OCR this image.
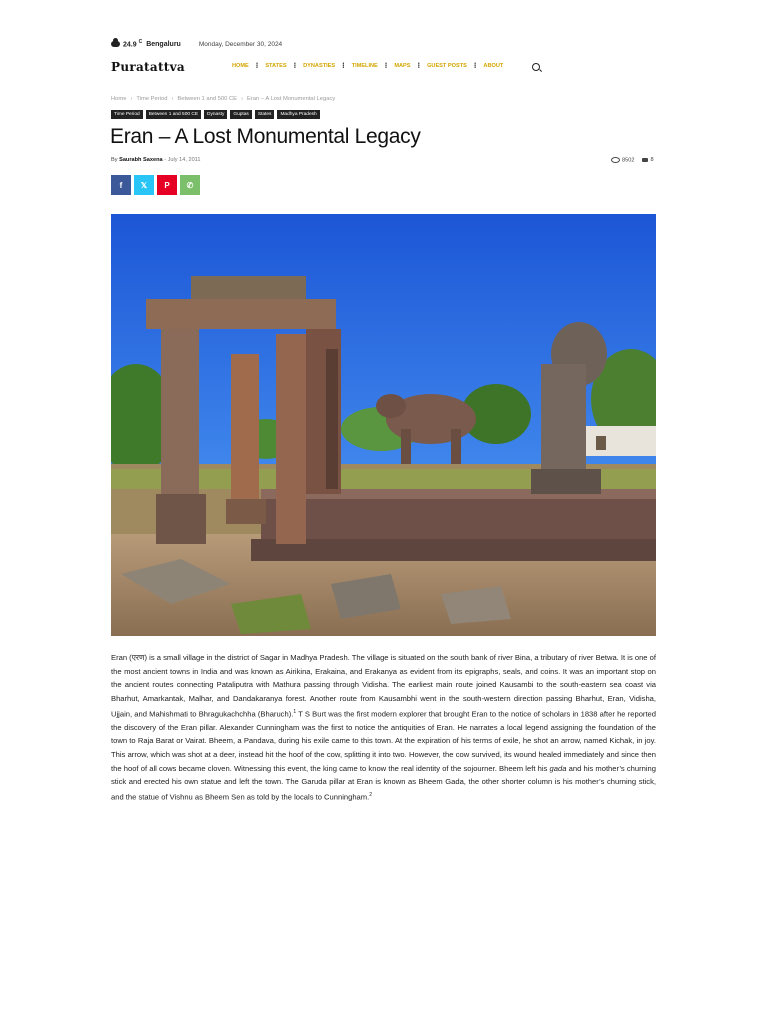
24.9 $^C$ Bengaluru	Monday, December 30, 2024
Puratattva	HOME ⁝ STATES ⁝ DYNASTIES ⁝ TIMELINE ⁝ MAPS ⁝ GUEST POSTS ⁝ ABOUT
Home › Time Period › Between 1 and 500 CE › Eran – A Lost Monumental Legacy
Time Period	Between 1 and 500 CE	Dynasty	Guptas	States	Madhya Pradesh
Eran – A Lost Monumental Legacy
By Saurabh Saxena - July 14, 2011	8502	8
f 𝕏 P ✆

Eran (एरण) is a small village in the district of Sagar in Madhya Pradesh. The village is situated on the south bank of river Bina, a tributary of river Betwa. It is one of the most ancient towns in India and was known as Airikina, Erakaina, and Erakanya as evident from its epigraphs, seals, and coins. It was an important stop on the ancient routes connecting Pataliputra with Mathura passing through Vidisha. The earliest main route joined Kausambi to the south-eastern sea coast via Bharhut, Amarkantak, Malhar, and Dandakaranya forest. Another route from Kausambhi went in the south-western direction passing Bharhut, Eran, Vidisha, Ujjain, and Mahishmati to Bhragukachchha (Bharuch).$^1$ T S Burt was the first modern explorer that brought Eran to the notice of scholars in 1838 after he reported the discovery of the Eran pillar. Alexander Cunningham was the first to notice the antiquities of Eran. He narrates a local legend assigning the foundation of the town to Raja Barat or Vairat. Bheem, a Pandava, during his exile came to this town. At the expiration of his terms of exile, he shot an arrow, named Kichak, in joy. This arrow, which was shot at a deer, instead hit the hoof of the cow, splitting it into two. However, the cow survived, its wound healed immediately and since then the hoof of all cows became cloven. Witnessing this event, the king came to know the real identity of the sojourner. Bheem left his gada and his mother’s churning stick and erected his own statue and left the town. The Garuda pillar at Eran is known as Bheem Gada, the other shorter column is his mother’s churning stick, and the statue of Vishnu as Bheem Sen as told by the locals to Cunningham.$^2$
